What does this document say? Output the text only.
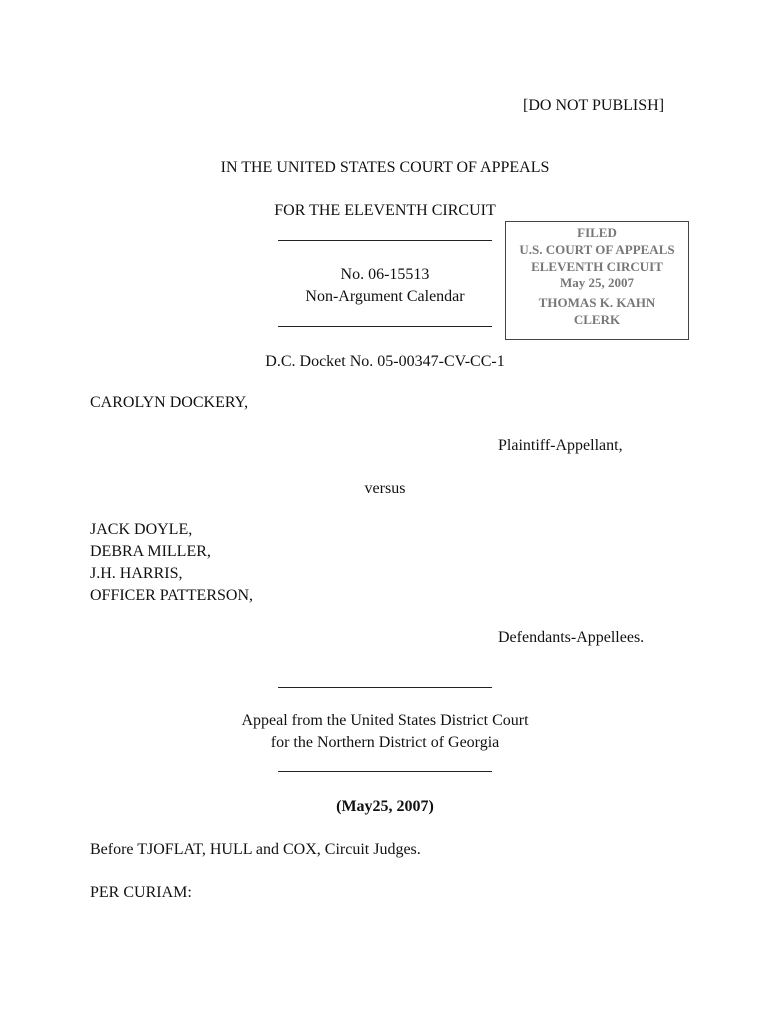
[DO NOT PUBLISH]
IN THE UNITED STATES COURT OF APPEALS
FOR THE ELEVENTH CIRCUIT
No. 06-15513
Non-Argument Calendar
FILED
U.S. COURT OF APPEALS
ELEVENTH CIRCUIT
May 25, 2007
THOMAS K. KAHN
CLERK
D.C. Docket No. 05-00347-CV-CC-1
CAROLYN DOCKERY,
Plaintiff-Appellant,
versus
JACK DOYLE,
DEBRA MILLER,
J.H. HARRIS,
OFFICER PATTERSON,
Defendants-Appellees.
Appeal from the United States District Court
for the Northern District of Georgia
(May25, 2007)
Before TJOFLAT, HULL and COX, Circuit Judges.
PER CURIAM:
